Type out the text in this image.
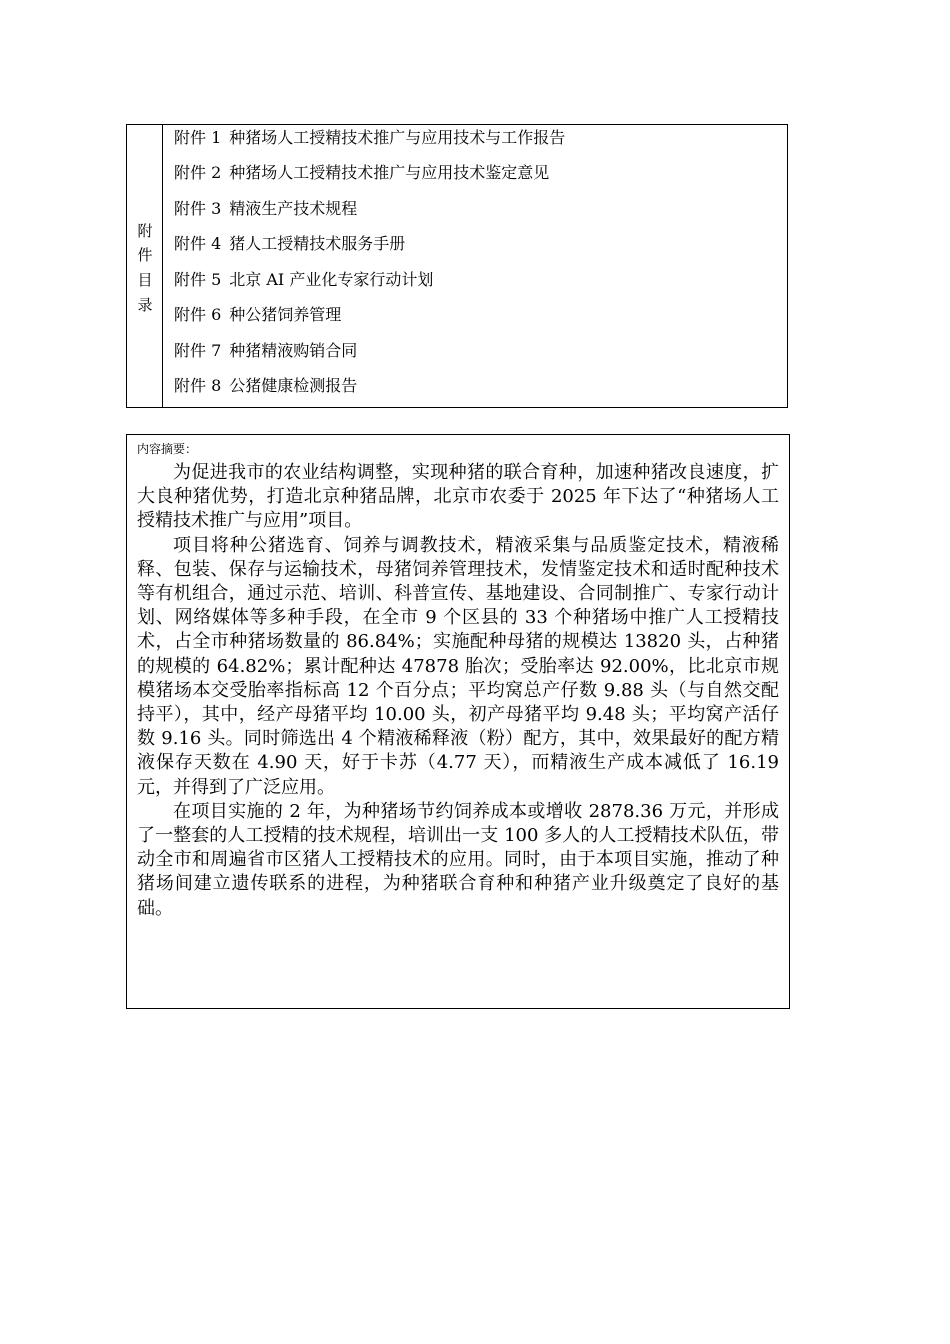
附
件
目
录
附件 1 种猪场人工授精技术推广与应用技术与工作报告
附件 2 种猪场人工授精技术推广与应用技术鉴定意见
附件 3 精液生产技术规程
附件 4 猪人工授精技术服务手册
附件 5 北京 AI 产业化专家行动计划
附件 6 种公猪饲养管理
附件 7 种猪精液购销合同
附件 8 公猪健康检测报告
内容摘要：

为促进我市的农业结构调整，实现种猪的联合育种，加速种猪改良速度，扩大良种猪优势，打造北京种猪品牌，北京市农委于 2025 年下达了“种猪场人工授精技术推广与应用”项目。

项目将种公猪选育、饲养与调教技术，精液采集与品质鉴定技术，精液稀释、包装、保存与运输技术，母猪饲养管理技术，发情鉴定技术和适时配种技术等有机组合，通过示范、培训、科普宣传、基地建设、合同制推广、专家行动计划、网络媒体等多种手段，在全市 9 个区县的 33 个种猪场中推广人工授精技术，占全市种猪场数量的 86.84%；实施配种母猪的规模达 13820 头，占种猪的规模的 64.82%；累计配种达 47878 胎次；受胎率达 92.00%，比北京市规模猪场本交受胎率指标高 12 个百分点；平均窝总产仔数 9.88 头（与自然交配持平），其中，经产母猪平均 10.00 头，初产母猪平均 9.48 头；平均窝产活仔数 9.16 头。同时筛选出 4 个精液稀释液（粉）配方，其中，效果最好的配方精液保存天数在 4.90 天，好于卡苏（4.77 天），而精液生产成本减低了 16.19 元，并得到了广泛应用。

在项目实施的 2 年，为种猪场节约饲养成本或增收 2878.36 万元，并形成了一整套的人工授精的技术规程，培训出一支 100 多人的人工授精技术队伍，带动全市和周遍省市区猪人工授精技术的应用。同时，由于本项目实施，推动了种猪场间建立遗传联系的进程，为种猪联合育种和种猪产业升级奠定了良好的基础。
